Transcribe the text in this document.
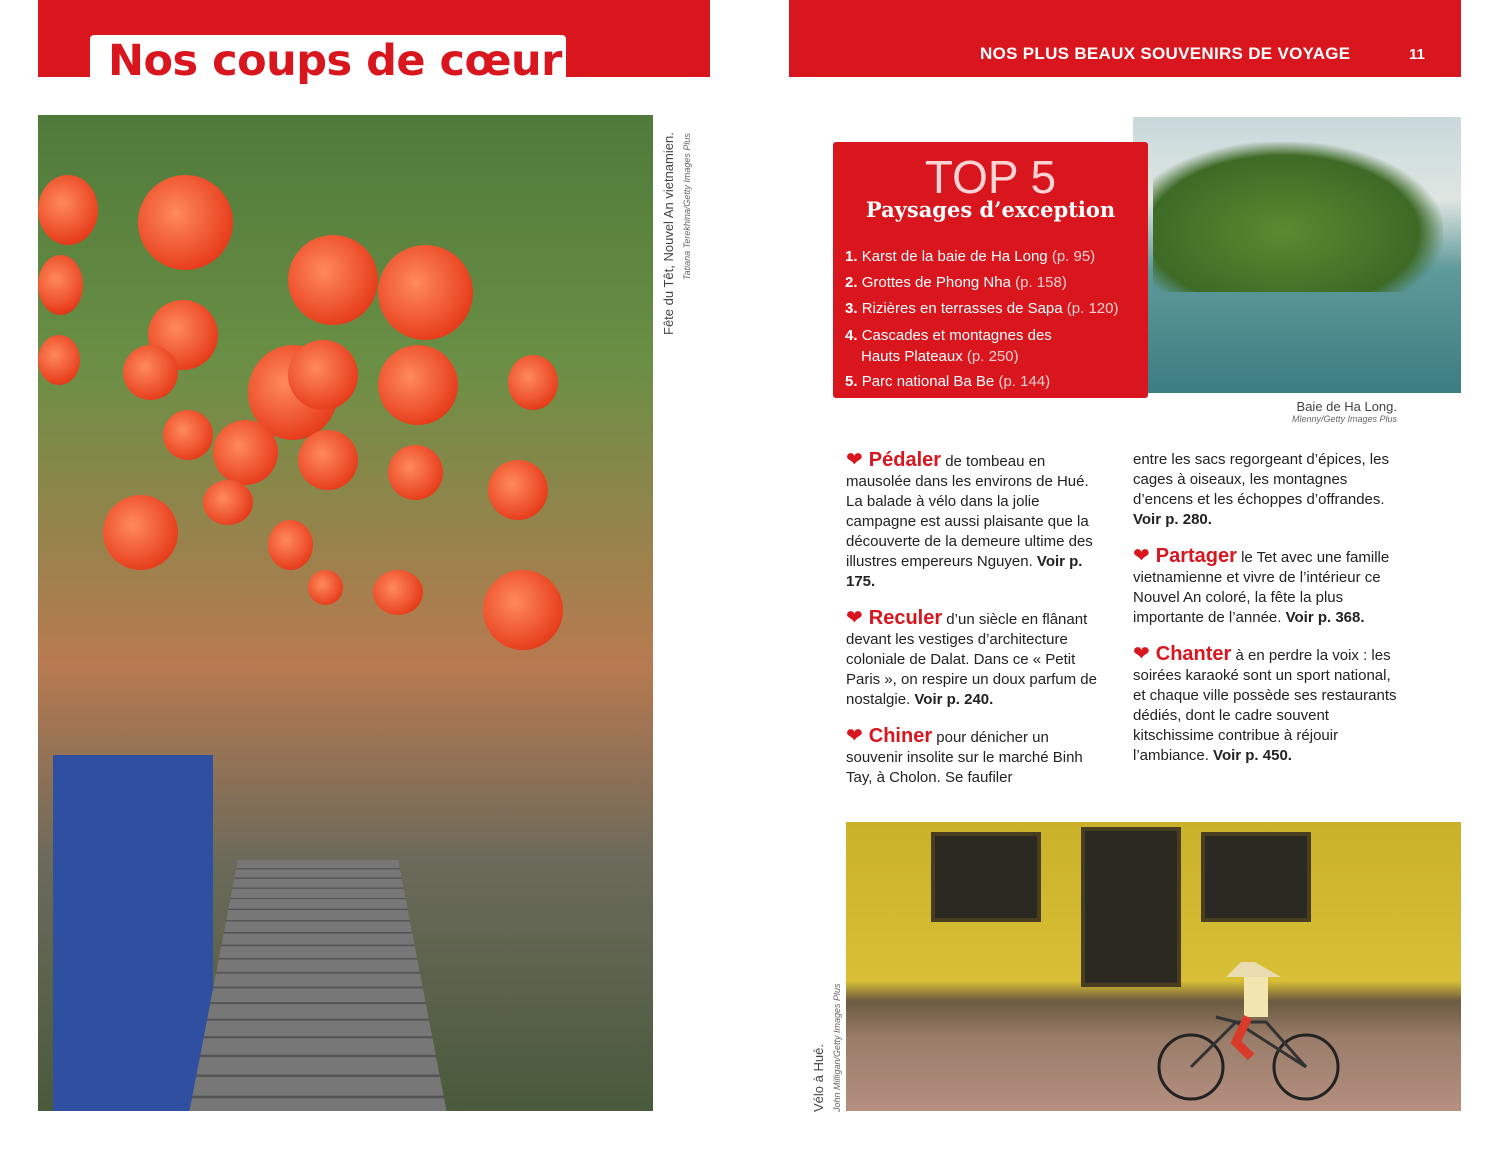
Nos coups de cœur
Fête du Têt, Nouvel An vietnamien. Tatiana Terekhina/Getty Images Plus
NOS PLUS BEAUX SOUVENIRS DE VOYAGE	11
TOP 5
Paysages d’exception
1. Karst de la baie de Ha Long (p. 95)
2. Grottes de Phong Nha (p. 158)
3. Rizières en terrasses de Sapa (p. 120)
4. Cascades et montagnes des Hauts Plateaux (p. 250)
5. Parc national Ba Be (p. 144)
Baie de Ha Long.
Mlenny/Getty Images Plus

❤ Pédaler de tombeau en mausolée dans les environs de Hué. La balade à vélo dans la jolie campagne est aussi plaisante que la découverte de la demeure ultime des illustres empereurs Nguyen. Voir p. 175.

❤ Reculer d’un siècle en flânant devant les vestiges d’architecture coloniale de Dalat. Dans ce « Petit Paris », on respire un doux parfum de nostalgie. Voir p. 240.

❤ Chiner pour dénicher un souvenir insolite sur le marché Binh Tay, à Cholon. Se faufiler

entre les sacs regorgeant d’épices, les cages à oiseaux, les montagnes d’encens et les échoppes d’offrandes. Voir p. 280.

❤ Partager le Tet avec une famille vietnamienne et vivre de l’intérieur ce Nouvel An coloré, la fête la plus importante de l’année. Voir p. 368.

❤ Chanter à en perdre la voix : les soirées karaoké sont un sport national, et chaque ville possède ses restaurants dédiés, dont le cadre souvent kitschissime contribue à réjouir l’ambiance. Voir p. 450.

Vélo à Hué. John Milligan/Getty Images Plus
